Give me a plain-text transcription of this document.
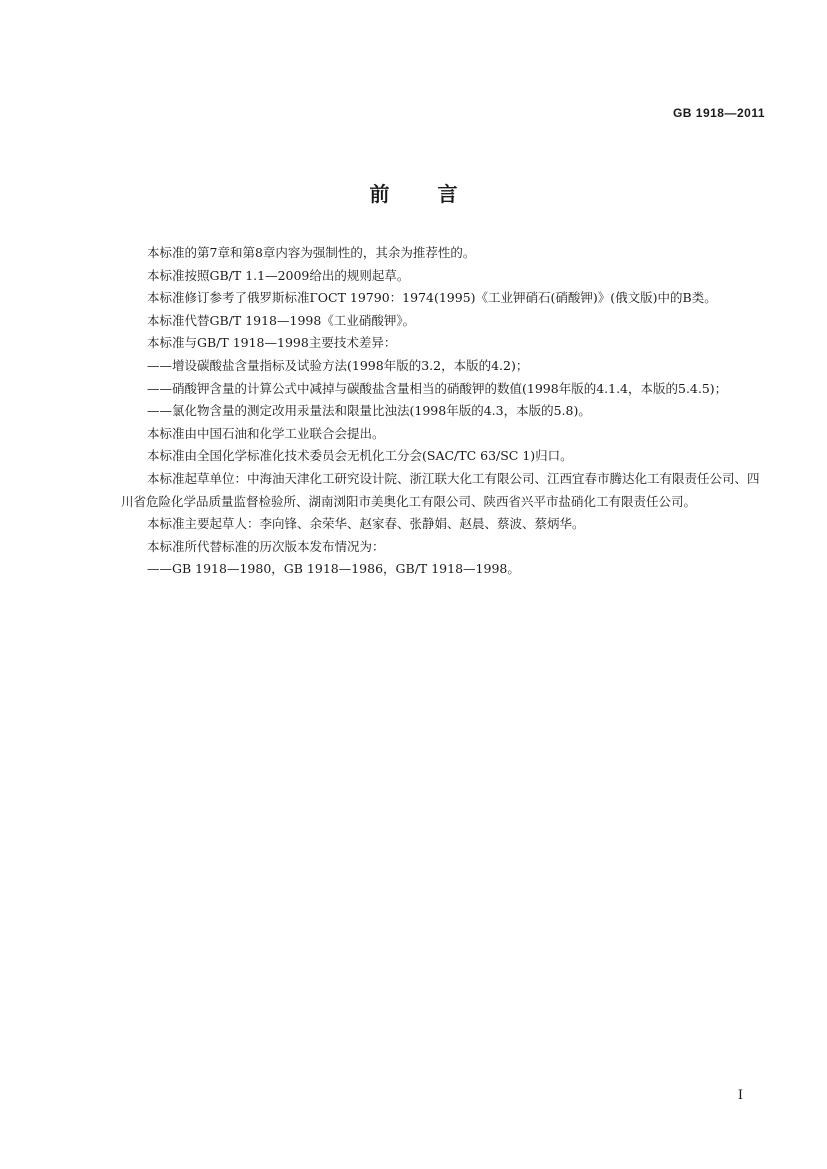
GB 1918—2011
前言

本标准的第7章和第8章内容为强制性的，其余为推荐性的。

本标准按照GB/T 1.1—2009给出的规则起草。

本标准修订参考了俄罗斯标准ГОСТ 19790：1974(1995)《工业钾硝石(硝酸钾)》(俄文版)中的B类。

本标准代替GB/T 1918—1998《工业硝酸钾》。

本标准与GB/T 1918—1998主要技术差异：

——增设碳酸盐含量指标及试验方法(1998年版的3.2，本版的4.2)；

——硝酸钾含量的计算公式中减掉与碳酸盐含量相当的硝酸钾的数值(1998年版的4.1.4，本版的5.4.5)；

——氯化物含量的测定改用汞量法和限量比浊法(1998年版的4.3，本版的5.8)。

本标准由中国石油和化学工业联合会提出。

本标准由全国化学标准化技术委员会无机化工分会(SAC/TC 63/SC 1)归口。

本标准起草单位：中海油天津化工研究设计院、浙江联大化工有限公司、江西宜春市腾达化工有限责任公司、四川省危险化学品质量监督检验所、湖南浏阳市美奥化工有限公司、陕西省兴平市盐硝化工有限责任公司。

本标准主要起草人：李向锋、余荣华、赵家春、张静娟、赵晨、蔡波、蔡炳华。

本标准所代替标准的历次版本发布情况为：

——GB 1918—1980，GB 1918—1986，GB/T 1918—1998。

I
